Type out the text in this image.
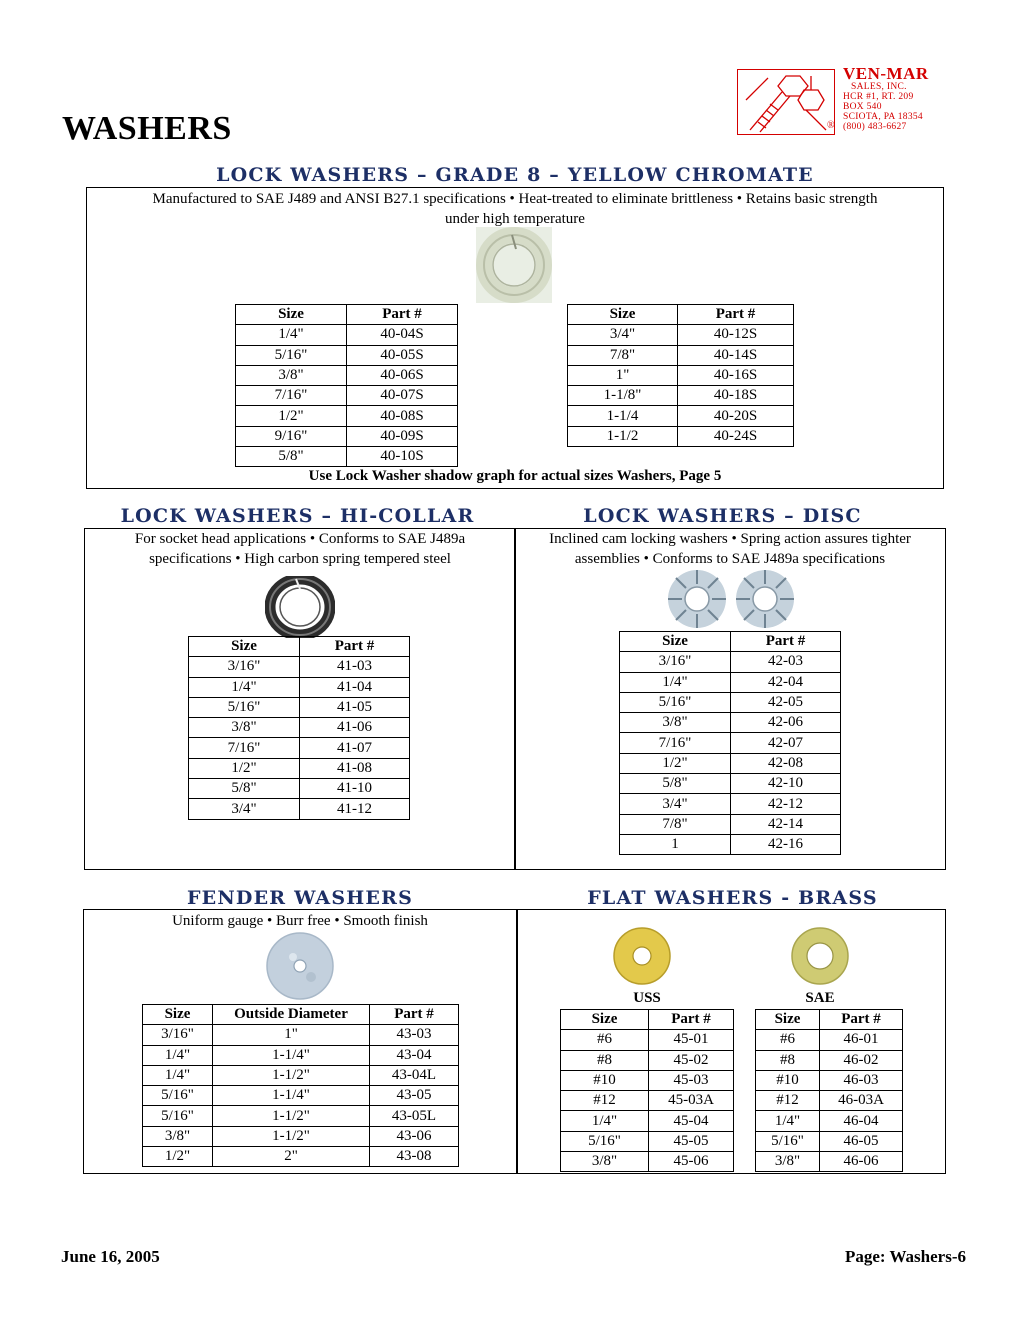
WASHERS
VEN-MAR
SALES, INC.
HCR #1, RT. 209
BOX 540
SCIOTA, PA 18354
(800) 483-6627
®
LOCK WASHERS – GRADE 8 – YELLOW CHROMATE
Manufactured to SAE J489 and ANSI B27.1 specifications • Heat-treated to eliminate brittleness • Retains basic strength
under high temperature
Size	Part #
1/4"	40-04S
5/16"	40-05S
3/8"	40-06S
7/16"	40-07S
1/2"	40-08S
9/16"	40-09S
5/8"	40-10S
Size	Part #
3/4"	40-12S
7/8"	40-14S
1"	40-16S
1-1/8"	40-18S
1-1/4	40-20S
1-1/2	40-24S
Use Lock Washer shadow graph for actual sizes Washers, Page 5
LOCK WASHERS – HI-COLLAR	LOCK WASHERS – DISC
For socket head applications • Conforms to SAE J489a
specifications • High carbon spring tempered steel
Inclined cam locking washers • Spring action assures tighter
assemblies • Conforms to SAE J489a specifications
Size	Part #
3/16"	41-03
1/4"	41-04
5/16"	41-05
3/8"	41-06
7/16"	41-07
1/2"	41-08
5/8"	41-10
3/4"	41-12
Size	Part #
3/16"	42-03
1/4"	42-04
5/16"	42-05
3/8"	42-06
7/16"	42-07
1/2"	42-08
5/8"	42-10
3/4"	42-12
7/8"	42-14
1	42-16
FENDER WASHERS	FLAT WASHERS - BRASS
Uniform gauge • Burr free • Smooth finish
Size	Outside Diameter	Part #
3/16"	1"	43-03
1/4"	1-1/4"	43-04
1/4"	1-1/2"	43-04L
5/16"	1-1/4"	43-05
5/16"	1-1/2"	43-05L
3/8"	1-1/2"	43-06
1/2"	2"	43-08
USS	SAE
Size	Part #
#6	45-01
#8	45-02
#10	45-03
#12	45-03A
1/4"	45-04
5/16"	45-05
3/8"	45-06
Size	Part #
#6	46-01
#8	46-02
#10	46-03
#12	46-03A
1/4"	46-04
5/16"	46-05
3/8"	46-06
June 16, 2005	Page: Washers-6
